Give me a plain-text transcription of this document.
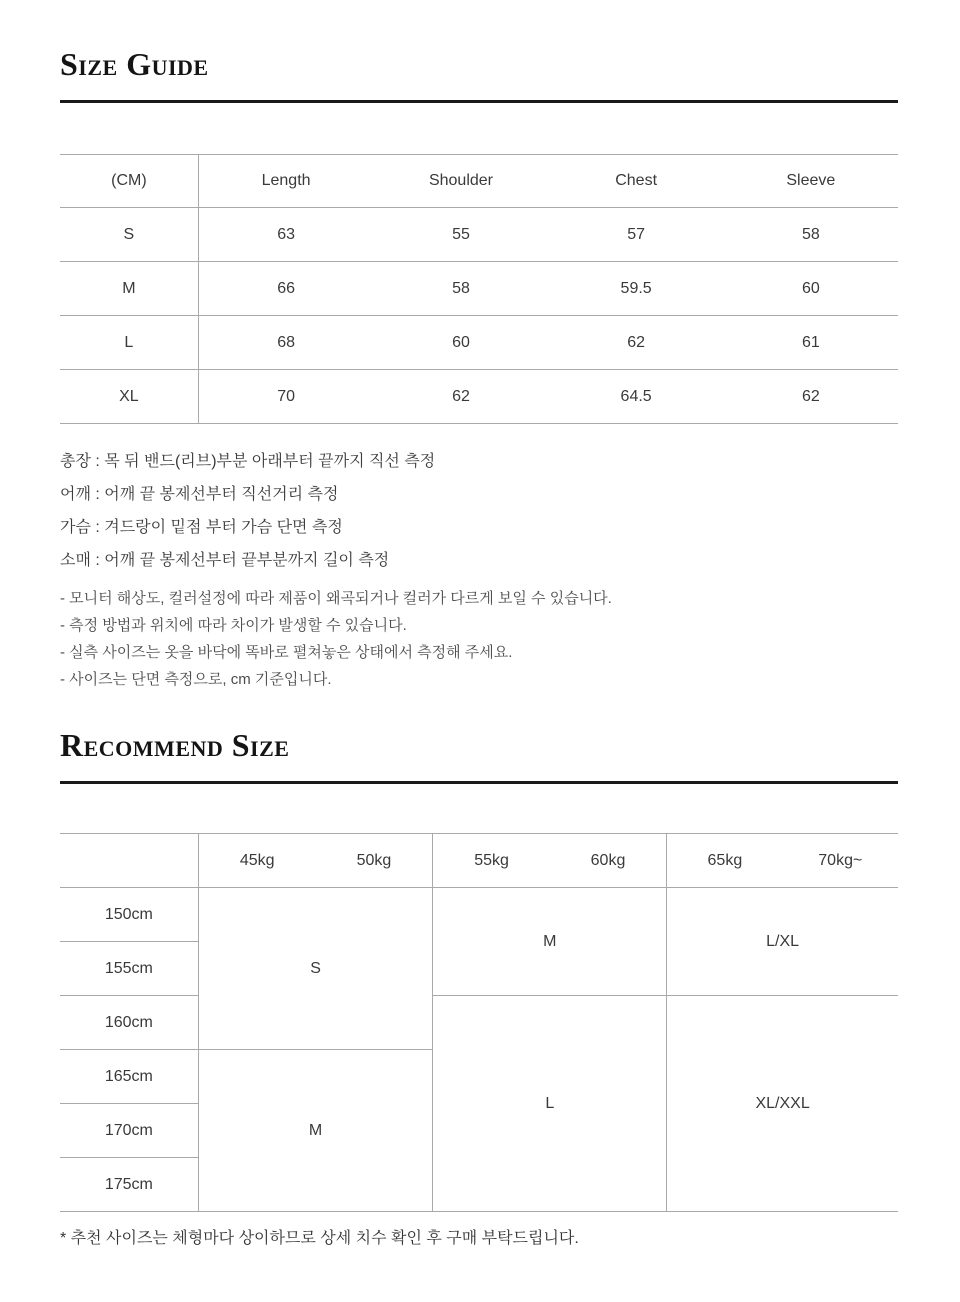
Size Guide
(CM)	Length	Shoulder	Chest	Sleeve
S	63	55	57	58
M	66	58	59.5	60
L	68	60	62	61
XL	70	62	64.5	62

총장 : 목 뒤 밴드(리브)부분 아래부터 끝까지 직선 측정

어깨 : 어깨 끝 봉제선부터 직선거리 측정

가슴 : 겨드랑이 밑점 부터 가슴 단면 측정

소매 : 어깨 끝 봉제선부터 끝부분까지 길이 측정

- 모니터 해상도, 컬러설정에 따라 제품이 왜곡되거나 컬러가 다르게 보일 수 있습니다.

- 측정 방법과 위치에 따라 차이가 발생할 수 있습니다.

- 실측 사이즈는 옷을 바닥에 똑바로 펼쳐놓은 상태에서 측정해 주세요.

- 사이즈는 단면 측정으로, cm 기준입니다.

Recommend Size

	45kg 50kg	55kg 60kg	65kg 70kg~

150cm	S	M	L/XL
155cm			
160cm		L	XL/XXL
165cm	M		
170cm			
175cm			

* 추천 사이즈는 체형마다 상이하므로 상세 치수 확인 후 구매 부탁드립니다.
